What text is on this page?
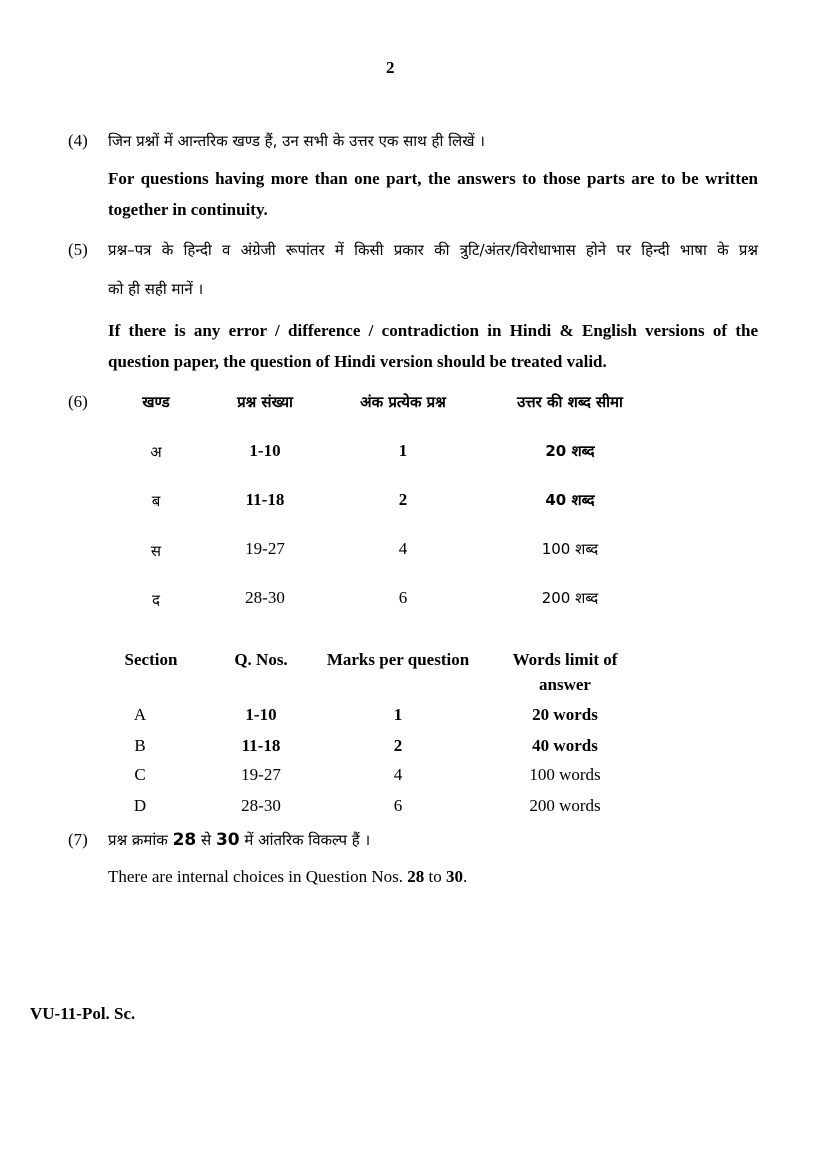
2
(4) जिन प्रश्नों में आन्तरिक खण्ड हैं, उन सभी के उत्तर एक साथ ही लिखें ।
For questions having more than one part, the answers to those parts are to be written
together in continuity.
(5) प्रश्न–पत्र के हिन्दी व अंग्रेजी रूपांतर में किसी प्रकार की त्रुटि/अंतर/विरोधाभास होने पर हिन्दी भाषा के प्रश्न
को ही सही मानें ।
If there is any error / difference / contradiction in Hindi & English versions of the
question paper, the question of Hindi version should be treated valid.
(6)	खण्ड	प्रश्न संख्या	अंक प्रत्येक प्रश्न	उत्तर की शब्द सीमा
अ	1-10	1	20 शब्द
ब	11-18	2	40 शब्द
स	19-27	4	100 शब्द
द	28-30	6	200 शब्द
Section	Q. Nos.	Marks per question	Words limit of
answer
A	1-10	1	20 words
B	11-18	2	40 words
C	19-27	4	100 words
D	28-30	6	200 words
(7) प्रश्न क्रमांक 28 से 30 में आंतरिक विकल्प हैं ।
There are internal choices in Question Nos. 28 to 30.
VU-11-Pol. Sc.
